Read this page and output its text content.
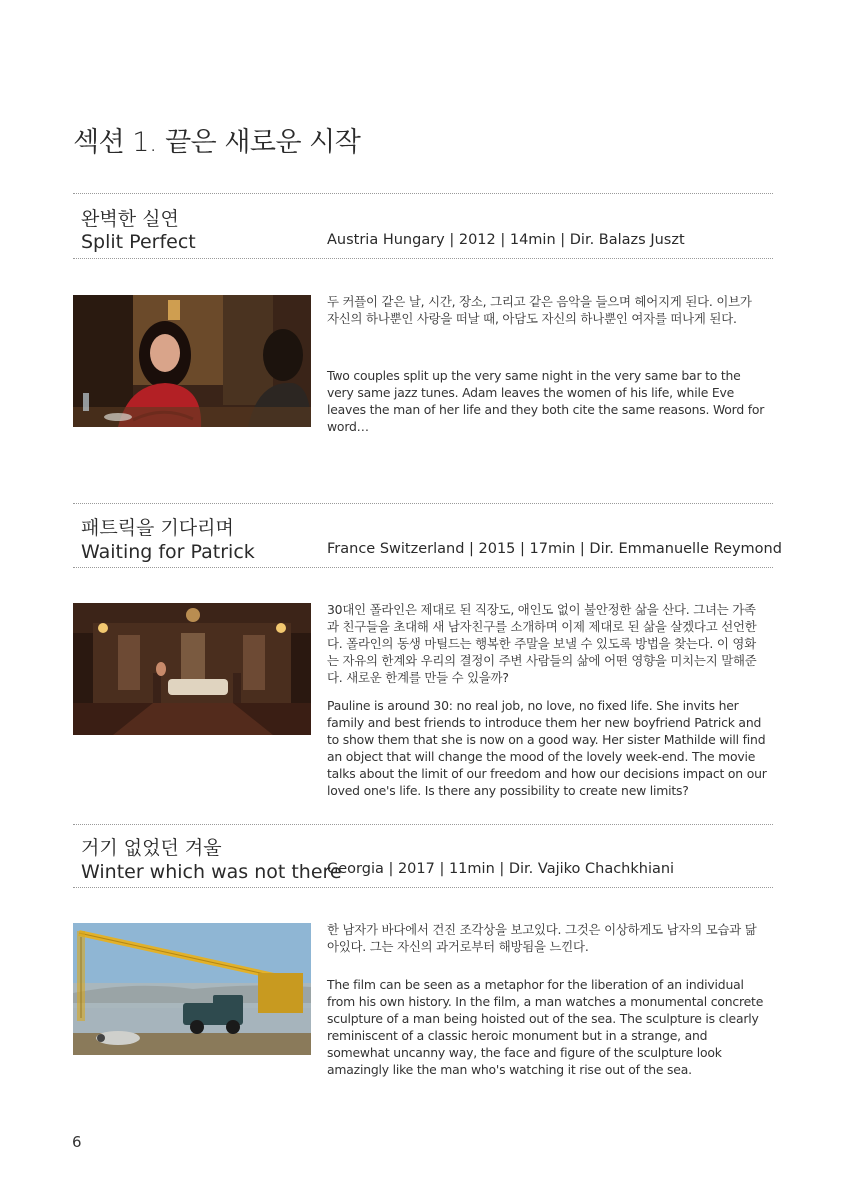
섹션 1. 끝은 새로운 시작
완벽한 실연
Split Perfect	Austria Hungary | 2012 | 14min | Dir. Balazs Juszt

두 커플이 같은 날, 시간, 장소, 그리고 같은 음악을 들으며 헤어지게 된다. 이브가 자신의 하나뿐인 사랑을 떠날 때, 아담도 자신의 하나뿐인 여자를 떠나게 된다.

Two couples split up the very same night in the very same bar to the very same jazz tunes. Adam leaves the women of his life, while Eve leaves the man of her life and they both cite the same reasons. Word for word…

패트릭을 기다리며
Waiting for Patrick	France Switzerland | 2015 | 17min | Dir. Emmanuelle Reymond

30대인 폴라인은 제대로 된 직장도, 애인도 없이 불안정한 삶을 산다. 그녀는 가족과 친구들을 초대해 새 남자친구를 소개하며 이제 제대로 된 삶을 살겠다고 선언한다. 폴라인의 동생 마틸드는 행복한 주말을 보낼 수 있도록 방법을 찾는다. 이 영화는 자유의 한계와 우리의 결정이 주변 사람들의 삶에 어떤 영향을 미치는지 말해준다. 새로운 한계를 만들 수 있을까?

Pauline is around 30: no real job, no love, no fixed life. She invits her family and best friends to introduce them her new boyfriend Patrick and to show them that she is now on a good way. Her sister Mathilde will find an object that will change the mood of the lovely week-end. The movie talks about the limit of our freedom and how our decisions impact on our loved one's life. Is there any possibility to create new limits?

거기 없었던 겨울
Winter which was not there
Georgia | 2017 | 11min | Dir. Vajiko Chachkhiani

한 남자가 바다에서 건진 조각상을 보고있다. 그것은 이상하게도 남자의 모습과 닮아있다. 그는 자신의 과거로부터 해방됨을 느낀다.

The film can be seen as a metaphor for the liberation of an individual from his own history. In the film, a man watches a monumental concrete sculpture of a man being hoisted out of the sea. The sculpture is clearly reminiscent of a classic heroic monument but in a strange, and somewhat uncanny way, the face and figure of the sculpture look amazingly like the man who's watching it rise out of the sea.

6
